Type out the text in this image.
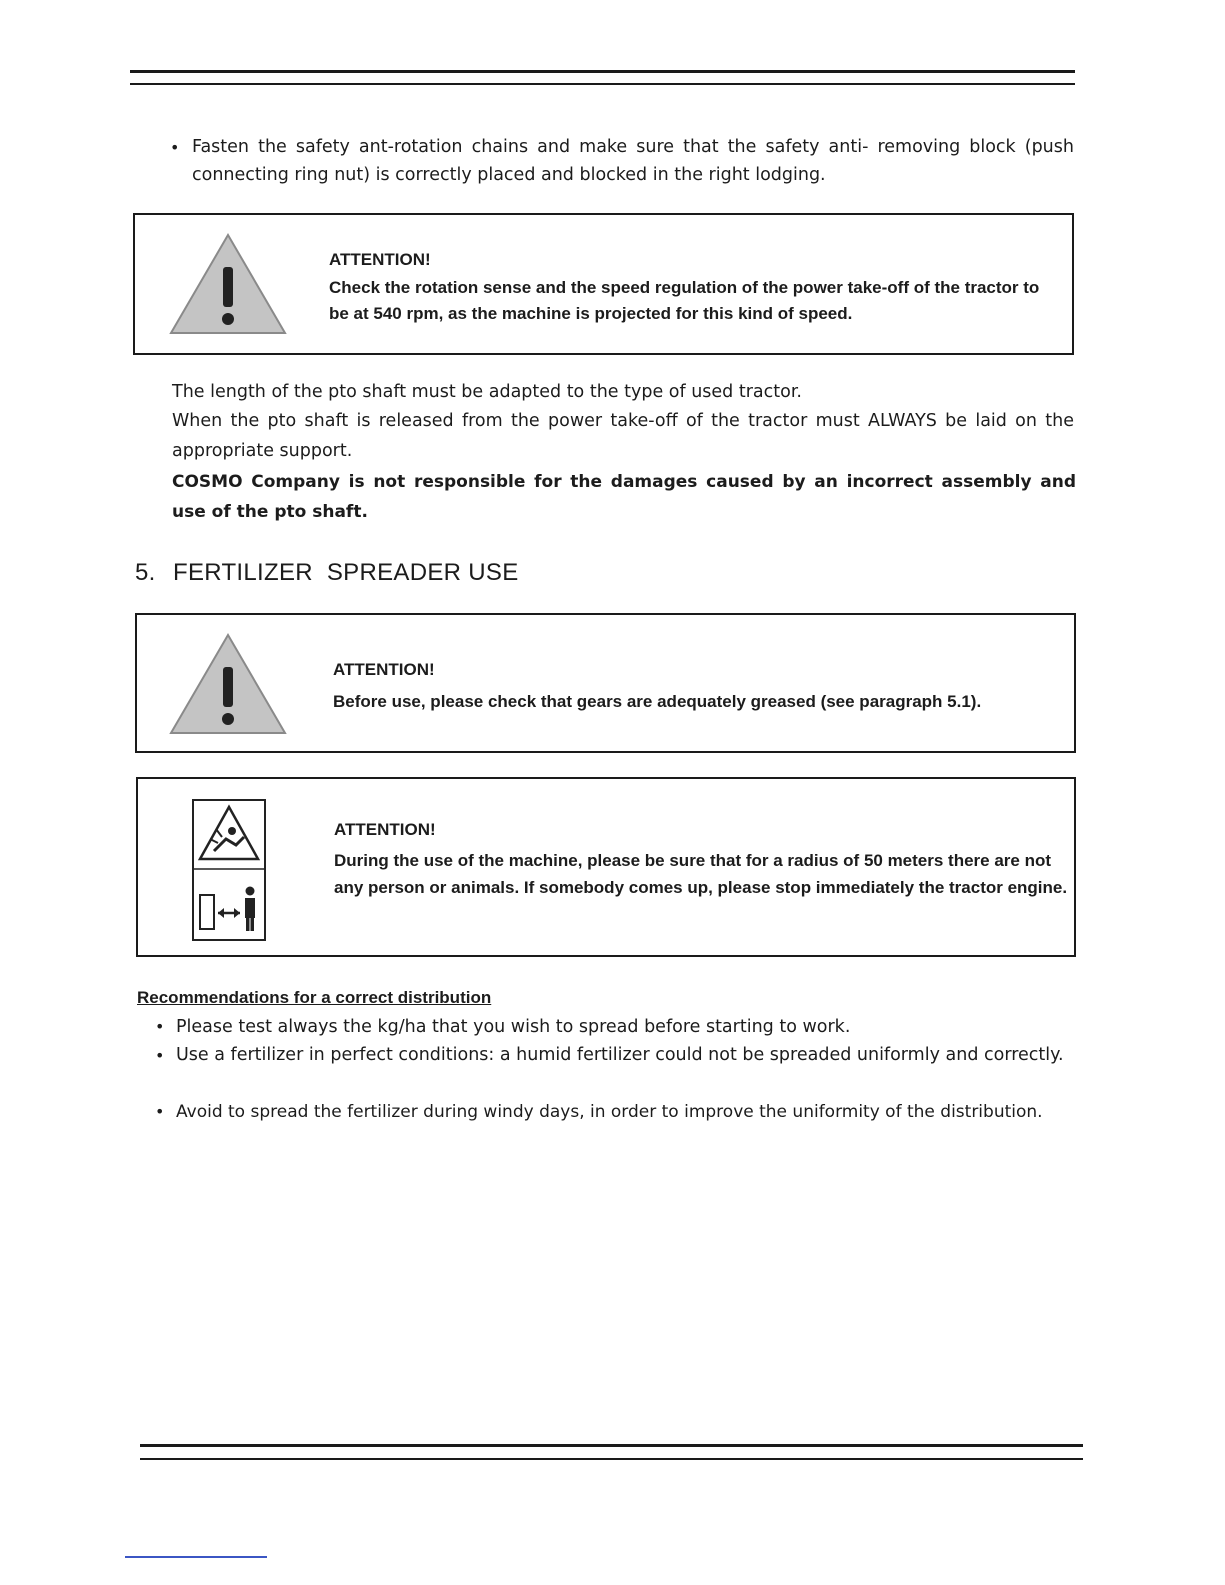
• Fasten the safety ant-rotation chains and make sure that the safety anti- removing block (push connecting ring nut) is correctly placed and blocked in the right lodging.

ATTENTION!
Check the rotation sense and the speed regulation of the power take-off of the tractor to be at 540 rpm, as the machine is projected for this kind of speed.

The length of the pto shaft must be adapted to the type of used tractor.

When the pto shaft is released from the power take-off of the tractor must ALWAYS be laid on the appropriate support.

COSMO Company is not responsible for the damages caused by an incorrect assembly and use of the pto shaft.

5. FERTILIZER  SPREADER USE
ATTENTION!
Before use, please check that gears are adequately greased (see paragraph 5.1).
ATTENTION!
During the use of the machine, please be sure that for a radius of 50 meters there are not any person or animals. If somebody comes up, please stop immediately the tractor engine.

Recommendations for a correct distribution

• Please test always the kg/ha that you wish to spread before starting to work.

• Use a fertilizer in perfect conditions: a humid fertilizer could not be spreaded uniformly and correctly.

• Avoid to spread the fertilizer during windy days, in order to improve the uniformity of the distribution.
